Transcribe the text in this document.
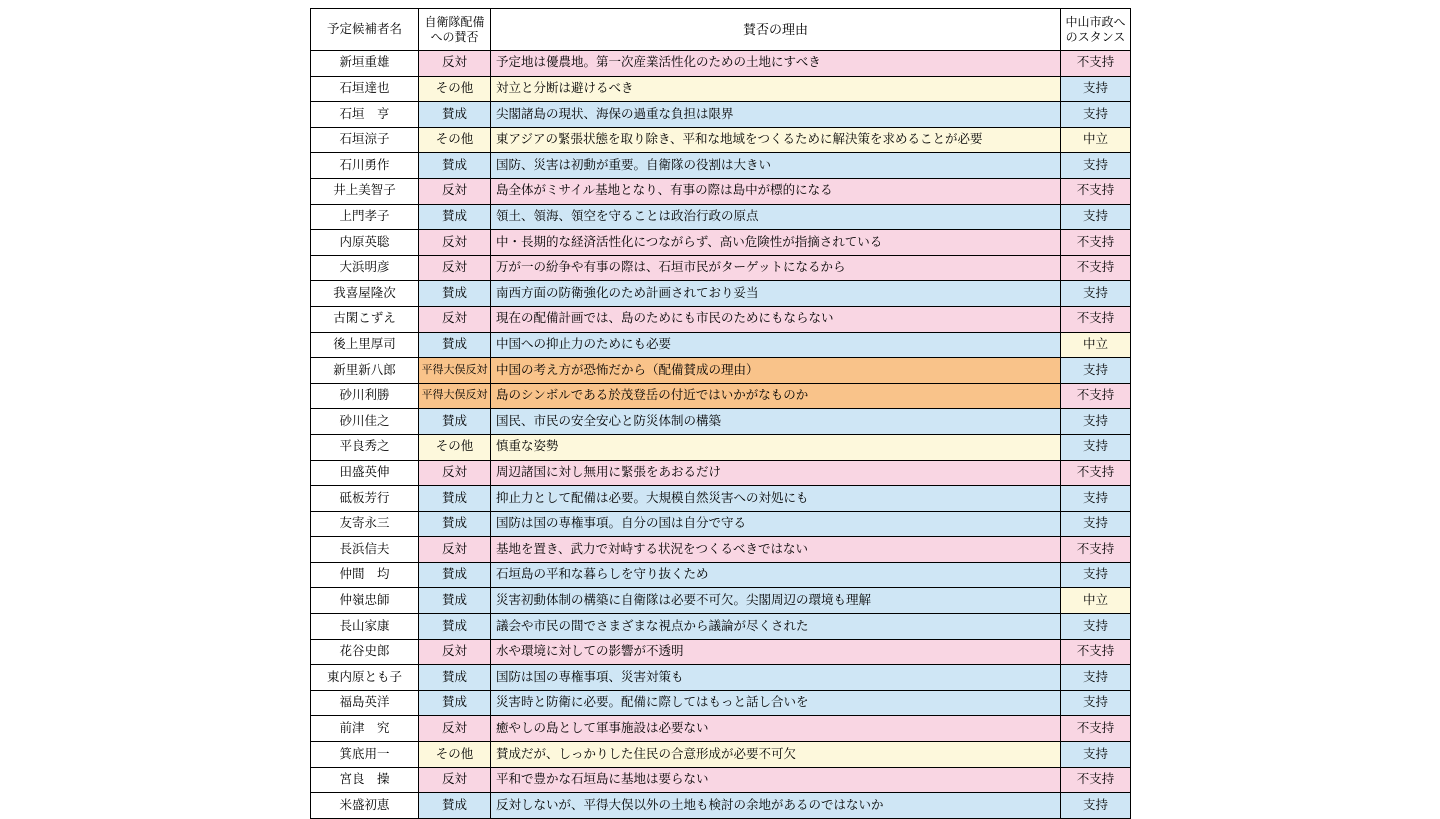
予定候補者名	自衛隊配備への賛否	賛否の理由	中山市政へのスタンス
新垣重雄	反対	予定地は優農地。第一次産業活性化のための土地にすべき	不支持
石垣達也	その他	対立と分断は避けるべき	支持
石垣　亨	賛成	尖閣諸島の現状、海保の過重な負担は限界	支持
石垣涼子	その他	東アジアの緊張状態を取り除き、平和な地域をつくるために解決策を求めることが必要	中立
石川勇作	賛成	国防、災害は初動が重要。自衛隊の役割は大きい	支持
井上美智子	反対	島全体がミサイル基地となり、有事の際は島中が標的になる	不支持
上門孝子	賛成	領土、領海、領空を守ることは政治行政の原点	支持
内原英聡	反対	中・長期的な経済活性化につながらず、高い危険性が指摘されている	不支持
大浜明彦	反対	万が一の紛争や有事の際は、石垣市民がターゲットになるから	不支持
我喜屋隆次	賛成	南西方面の防衛強化のため計画されており妥当	支持
古閑こずえ	反対	現在の配備計画では、島のためにも市民のためにもならない	不支持
後上里厚司	賛成	中国への抑止力のためにも必要	中立
新里新八郎	平得大俣反対	中国の考え方が恐怖だから（配備賛成の理由）	支持
砂川利勝	平得大俣反対	島のシンボルである於茂登岳の付近ではいかがなものか	不支持
砂川佳之	賛成	国民、市民の安全安心と防災体制の構築	支持
平良秀之	その他	慎重な姿勢	支持
田盛英伸	反対	周辺諸国に対し無用に緊張をあおるだけ	不支持
砥板芳行	賛成	抑止力として配備は必要。大規模自然災害への対処にも	支持
友寄永三	賛成	国防は国の専権事項。自分の国は自分で守る	支持
長浜信夫	反対	基地を置き、武力で対峙する状況をつくるべきではない	不支持
仲間　均	賛成	石垣島の平和な暮らしを守り抜くため	支持
仲嶺忠師	賛成	災害初動体制の構築に自衛隊は必要不可欠。尖閣周辺の環境も理解	中立
長山家康	賛成	議会や市民の間でさまざまな視点から議論が尽くされた	支持
花谷史郎	反対	水や環境に対しての影響が不透明	不支持
東内原とも子	賛成	国防は国の専権事項、災害対策も	支持
福島英洋	賛成	災害時と防衛に必要。配備に際してはもっと話し合いを	支持
前津　究	反対	癒やしの島として軍事施設は必要ない	不支持
箕底用一	その他	賛成だが、しっかりした住民の合意形成が必要不可欠	支持
宮良　操	反対	平和で豊かな石垣島に基地は要らない	不支持
米盛初恵	賛成	反対しないが、平得大俣以外の土地も検討の余地があるのではないか	支持
